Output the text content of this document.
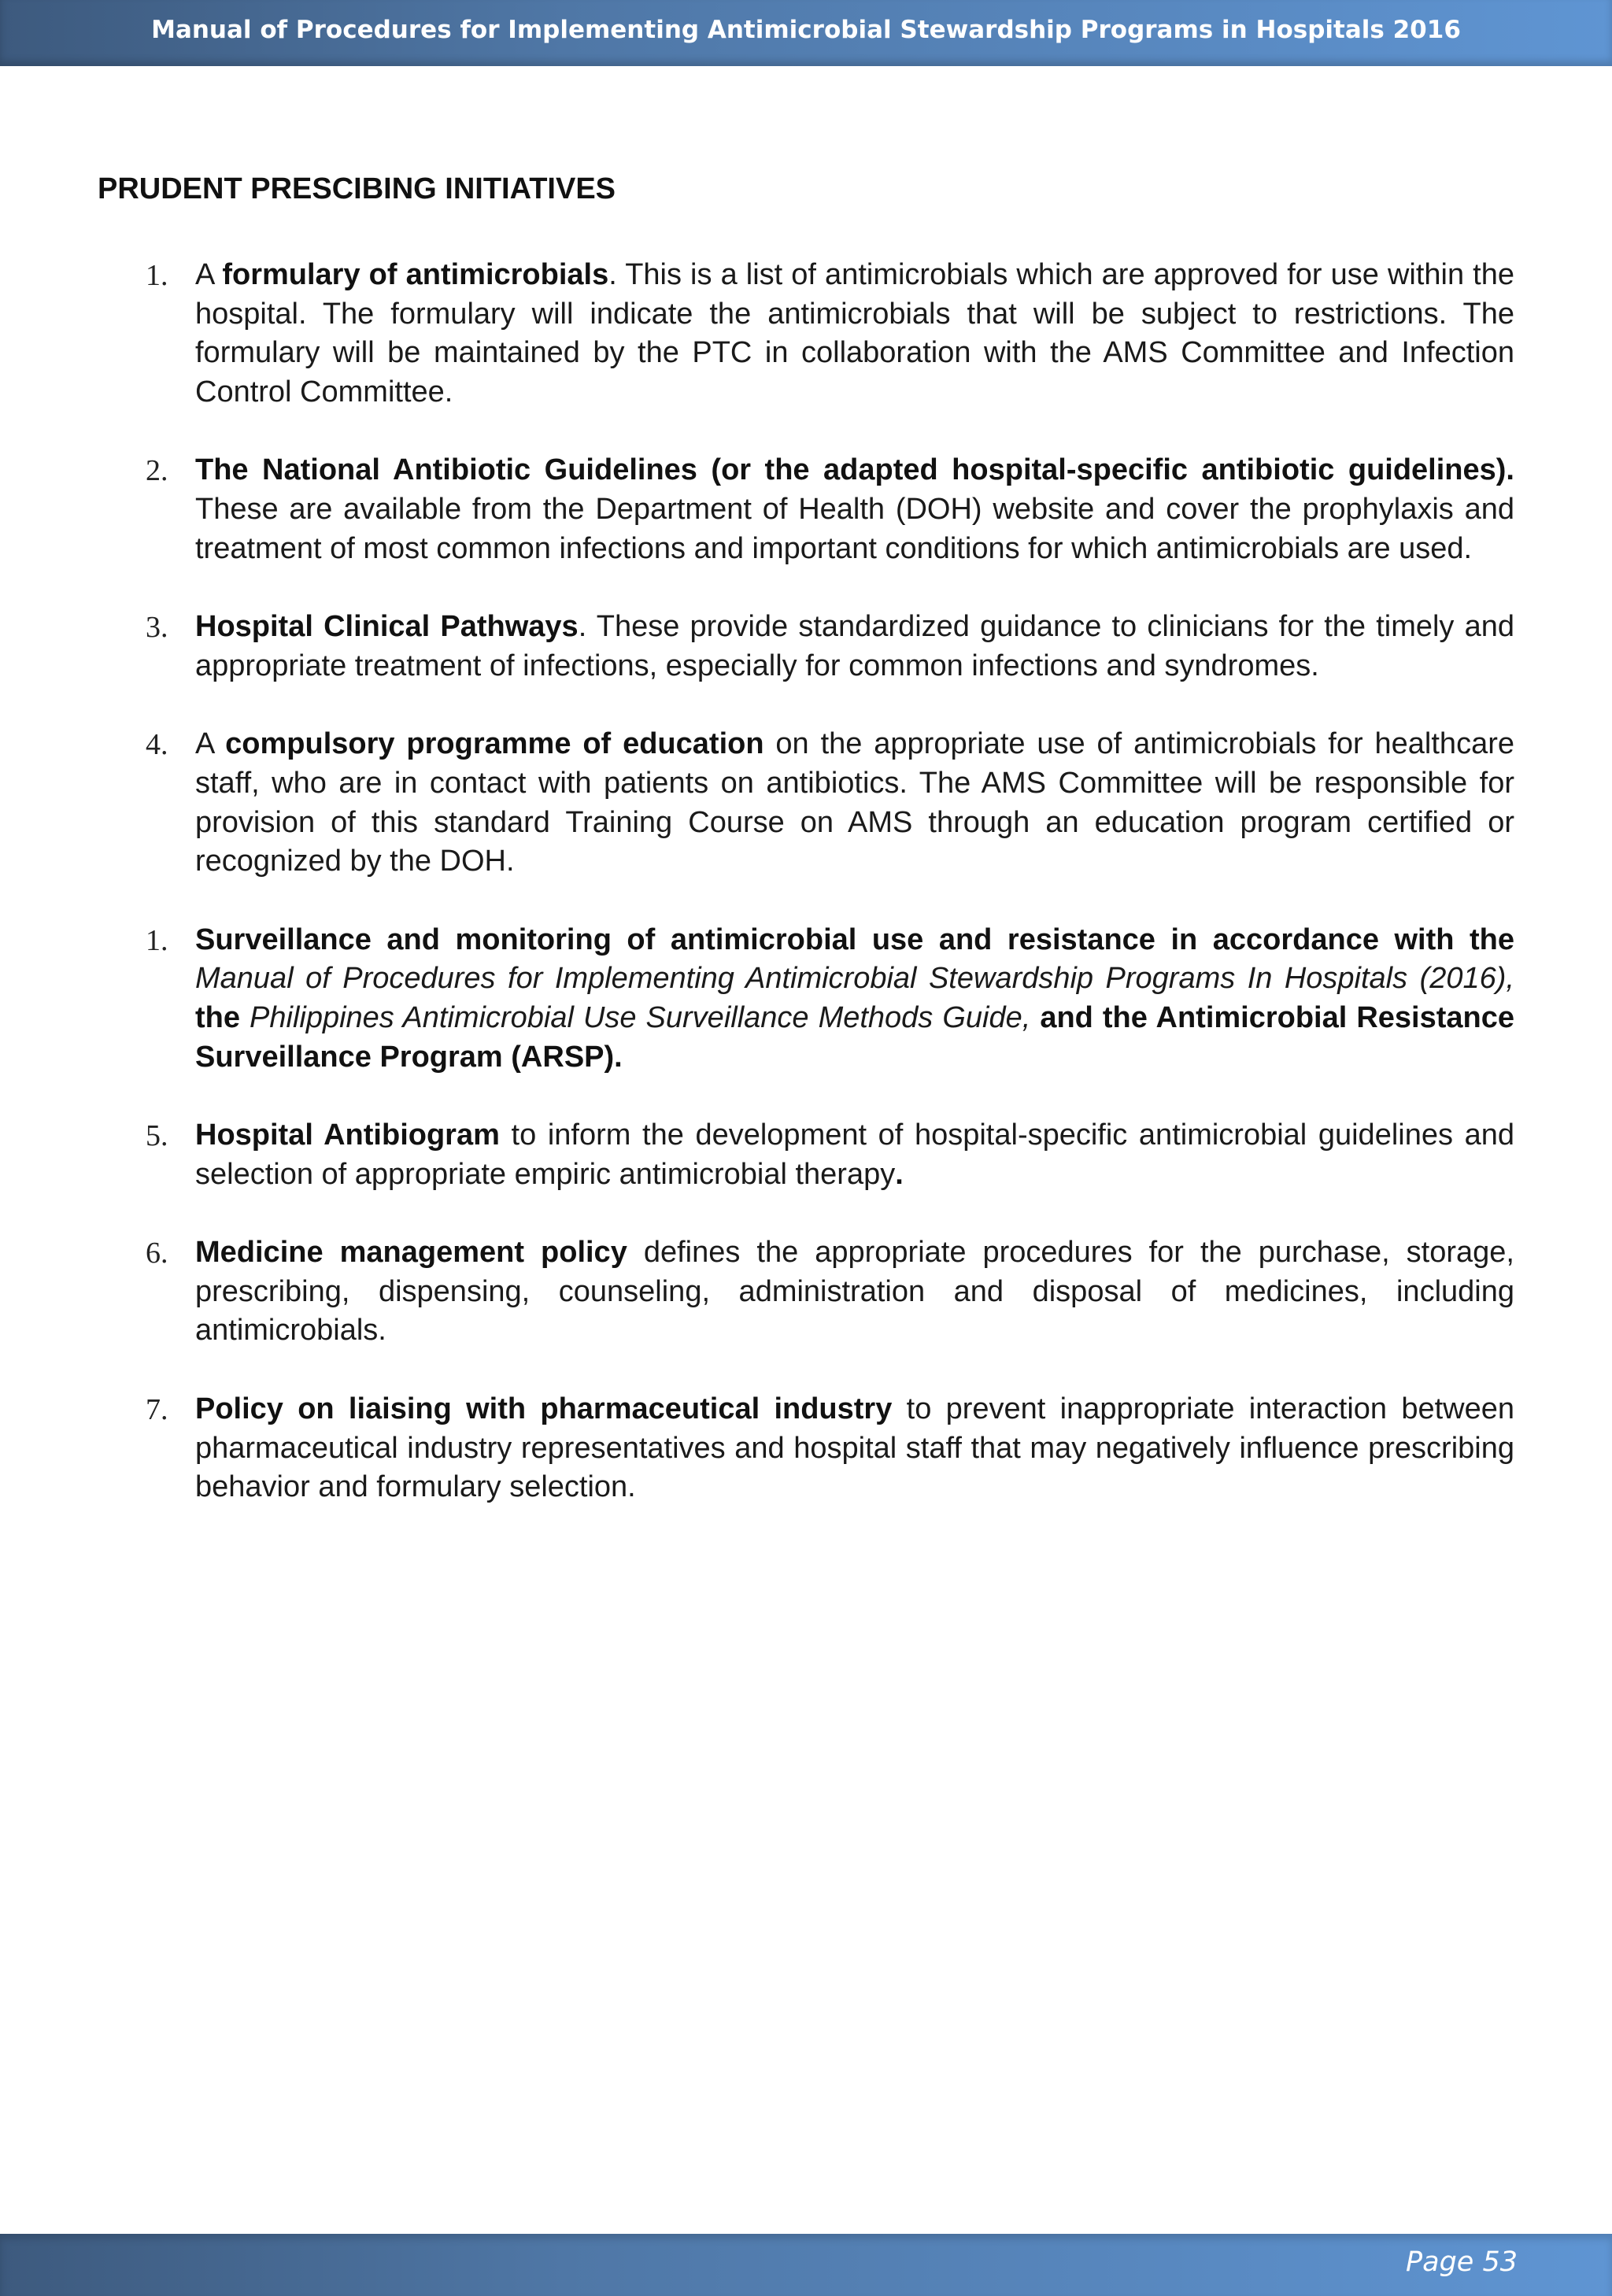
Manual of Procedures for Implementing Antimicrobial Stewardship Programs in Hospitals 2016
PRUDENT PRESCIBING INITIATIVES
1. A formulary of antimicrobials. This is a list of antimicrobials which are approved for use within the hospital. The formulary will indicate the antimicrobials that will be subject to restrictions. The formulary will be maintained by the PTC in collaboration with the AMS Committee and Infection Control Committee.
2. The National Antibiotic Guidelines (or the adapted hospital-specific antibiotic guidelines). These are available from the Department of Health (DOH) website and cover the prophylaxis and treatment of most common infections and important conditions for which antimicrobials are used.
3. Hospital Clinical Pathways. These provide standardized guidance to clinicians for the timely and appropriate treatment of infections, especially for common infections and syndromes.
4. A compulsory programme of education on the appropriate use of antimicrobials for healthcare staff, who are in contact with patients on antibiotics. The AMS Committee will be responsible for provision of this standard Training Course on AMS through an education program certified or recognized by the DOH.
1. Surveillance and monitoring of antimicrobial use and resistance in accordance with the Manual of Procedures for Implementing Antimicrobial Stewardship Programs In Hospitals (2016), the Philippines Antimicrobial Use Surveillance Methods Guide, and the Antimicrobial Resistance Surveillance Program (ARSP).
5. Hospital Antibiogram to inform the development of hospital-specific antimicrobial guidelines and selection of appropriate empiric antimicrobial therapy.
6. Medicine management policy defines the appropriate procedures for the purchase, storage, prescribing, dispensing, counseling, administration and disposal of medicines, including antimicrobials.
7. Policy on liaising with pharmaceutical industry to prevent inappropriate interaction between pharmaceutical industry representatives and hospital staff that may negatively influence prescribing behavior and formulary selection.
Page 53
